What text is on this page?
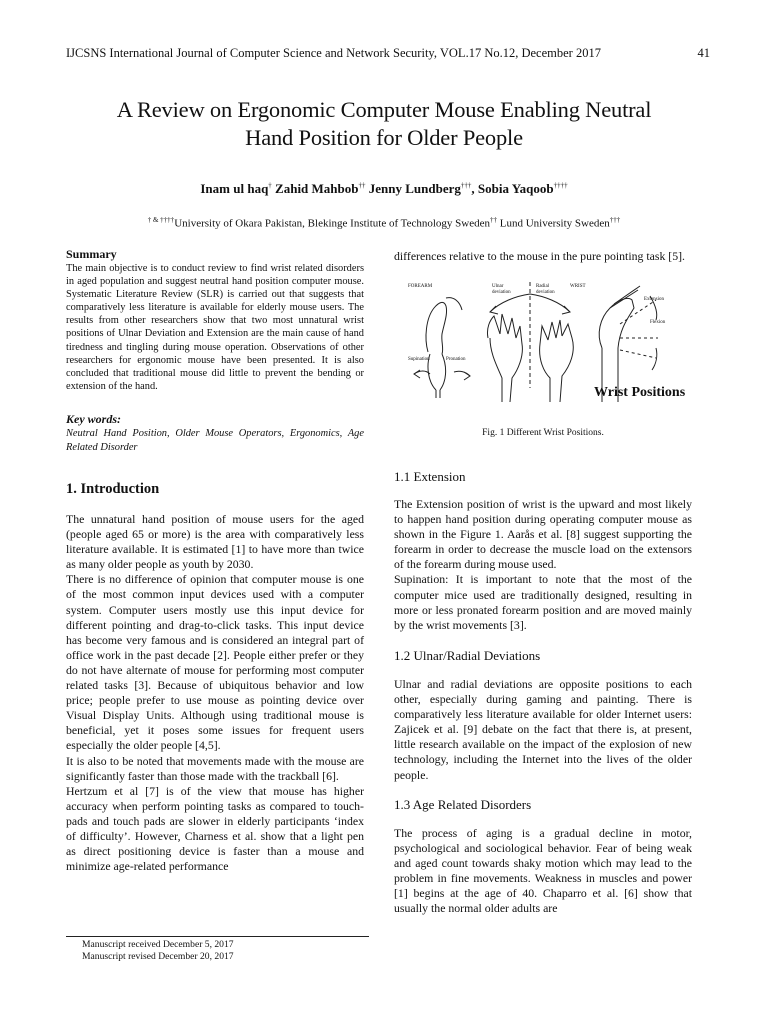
IJCSNS International Journal of Computer Science and Network Security, VOL.17 No.12, December 2017	41
A Review on Ergonomic Computer Mouse Enabling Neutral
Hand Position for Older People
Inam ul haq† Zahid Mahbob†† Jenny Lundberg†††, Sobia Yaqoob††††
† & ††††University of Okara Pakistan, Blekinge Institute of Technology Sweden†† Lund University Sweden†††
Summary
The main objective is to conduct review to find wrist related disorders in aged population and suggest neutral hand position computer mouse. Systematic Literature Review (SLR) is carried out that suggests that comparatively less literature is available for elderly mouse users. The results from other researchers show that two most unnatural wrist positions of Ulnar Deviation and Extension are the main cause of hand tiredness and tingling during mouse operation. Observations of other researchers for ergonomic mouse have been presented. It is also concluded that traditional mouse did little to prevent the bending or extension of the hand.
Key words:
Neutral Hand Position, Older Mouse Operators, Ergonomics, Age Related Disorder
1. Introduction

The unnatural hand position of mouse users for the aged (people aged 65 or more) is the area with comparatively less literature available. It is estimated [1] to have more than twice as many older people as youth by 2030.

There is no difference of opinion that computer mouse is one of the most common input devices used with a computer system. Computer users mostly use this input device for different pointing and drag-to-click tasks. This input device has become very famous and is considered an integral part of office work in the past decade [2]. People either prefer or they do not have alternate of mouse for performing most computer related tasks [3]. Because of ubiquitous behavior and low price; people prefer to use mouse as pointing device over Visual Display Units. Although using traditional mouse is beneficial, yet it poses some issues for frequent users especially the older people [4,5].

It is also to be noted that movements made with the mouse are significantly faster than those made with the trackball [6].

Hertzum et al [7] is of the view that mouse has higher accuracy when perform pointing tasks as compared to touch-pads and touch pads are slower in elderly participants ‘index of difficulty’. However, Charness et al. show that a light pen as direct positioning device is faster than a mouse and minimize age-related performance

differences relative to the mouse in the pure pointing task [5].
FOREARM	Ulnar
deviation
Radial
deviation
WRIST
Extension
Flexion
Supination	Pronation
Wrist Positions
Fig. 1 Different Wrist Positions.
1.1 Extension

The Extension position of wrist is the upward and most likely to happen hand position during operating computer mouse as shown in the Figure 1. Aarås et al. [8] suggest supporting the forearm in order to decrease the muscle load on the extensors of the forearm during mouse used.

Supination: It is important to note that the most of the computer mice used are traditionally designed, resulting in more or less pronated forearm position and are moved mainly by the wrist movements [3].

1.2 Ulnar/Radial Deviations

Ulnar and radial deviations are opposite positions to each other, especially during gaming and painting. There is comparatively less literature available for older Internet users: Zajicek et al. [9] debate on the fact that there is, at present, little research available on the impact of the explosion of new technology, including the Internet into the lives of the older people.

1.3 Age Related Disorders

The process of aging is a gradual decline in motor, psychological and sociological behavior. Fear of being weak and aged count towards shaky motion which may lead to the problem in fine movements. Weakness in muscles and power [1] begins at the age of 40. Chaparro et al. [6] show that usually the normal older adults are

Manuscript received December 5, 2017
Manuscript revised December 20, 2017
